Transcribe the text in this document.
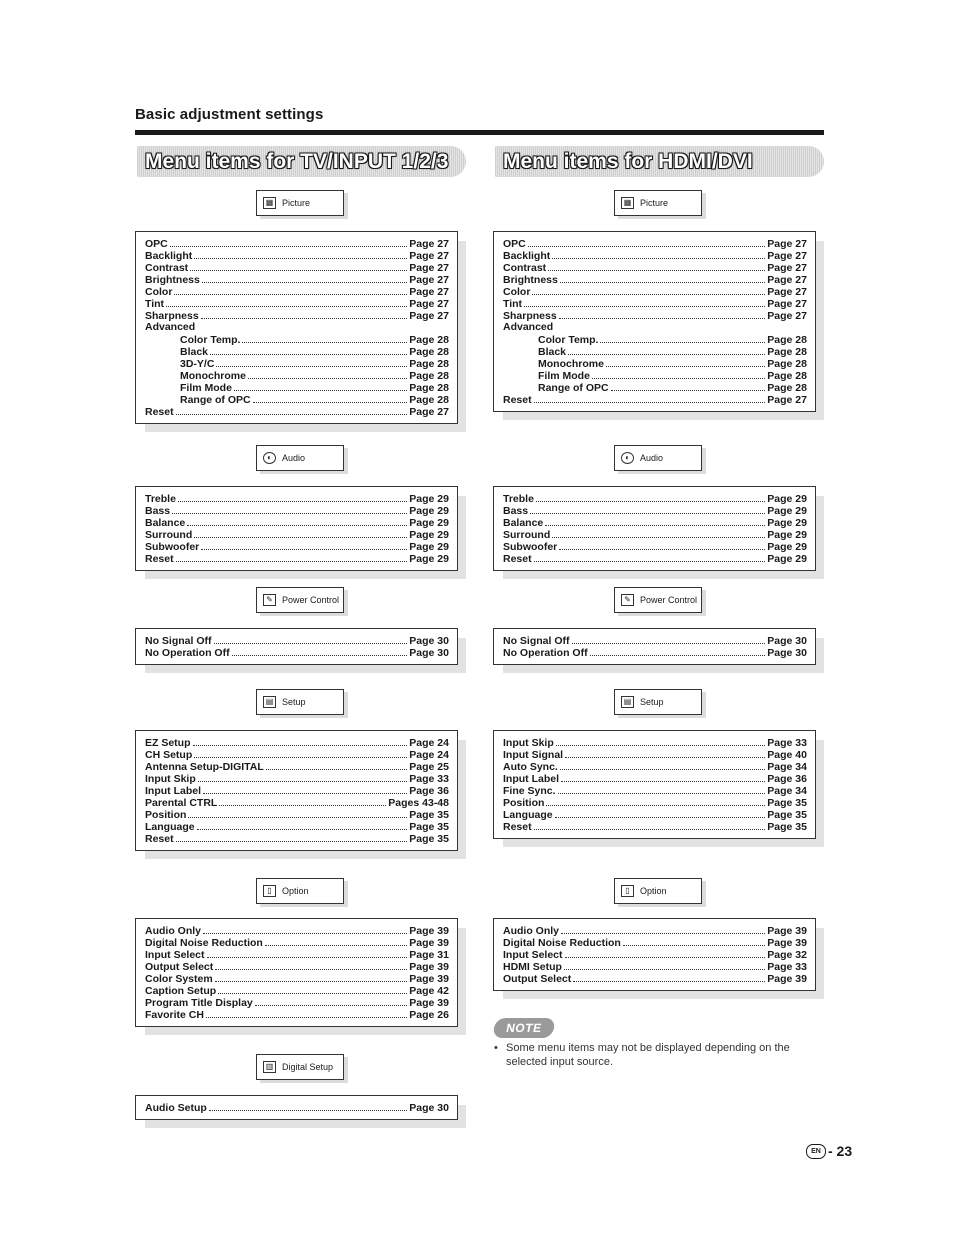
Basic adjustment settings
Menu items for TV/INPUT 1/2/3	Menu items for HDMI/DVI
▦ Picture
OPC	Page 27
Backlight	Page 27
Contrast	Page 27
Brightness	Page 27
Color	Page 27
Tint	Page 27
Sharpness	Page 27
Advanced
Color Temp.	Page 28
Black	Page 28
3D-Y/C	Page 28
Monochrome	Page 28
Film Mode	Page 28
Range of OPC	Page 28
Reset	Page 27
◐	Audio
Treble	Page 29
Bass	Page 29
Balance	Page 29
Surround	Page 29
Subwoofer	Page 29
Reset	Page 29
✎	Power Control
No Signal Off	Page 30
No Operation Off	Page 30
▤ Setup
EZ Setup	Page 24
CH Setup	Page 24
Antenna Setup-DIGITAL	Page 25
Input Skip	Page 33
Input Label	Page 36
Parental CTRL	Pages 43-48
Position	Page 35
Language	Page 35
Reset	Page 35
▯	Option
Audio Only	Page 39
Digital Noise Reduction	Page 39
Input Select	Page 31
Output Select	Page 39
Color System	Page 39
Caption Setup	Page 42
Program Title Display	Page 39
Favorite CH	Page 26
▥ Digital Setup
Audio Setup	Page 30
▦ Picture
OPC	Page 27
Backlight	Page 27
Contrast	Page 27
Brightness	Page 27
Color	Page 27
Tint	Page 27
Sharpness	Page 27
Advanced
Color Temp.	Page 28
Black	Page 28
Monochrome	Page 28
Film Mode	Page 28
Range of OPC	Page 28
Reset	Page 27
◐	Audio
Treble	Page 29
Bass	Page 29
Balance	Page 29
Surround	Page 29
Subwoofer	Page 29
Reset	Page 29
✎	Power Control
No Signal Off	Page 30
No Operation Off	Page 30
▤ Setup
Input Skip	Page 33
Input Signal	Page 40
Auto Sync.	Page 34
Input Label	Page 36
Fine Sync.	Page 34
Position	Page 35
Language	Page 35
Reset	Page 35
▯	Option
Audio Only	Page 39
Digital Noise Reduction	Page 39
Input Select	Page 32
HDMI Setup	Page 33
Output Select	Page 39
NOTE
• Some menu items may not be displayed depending on the selected input source.
EN - 23
